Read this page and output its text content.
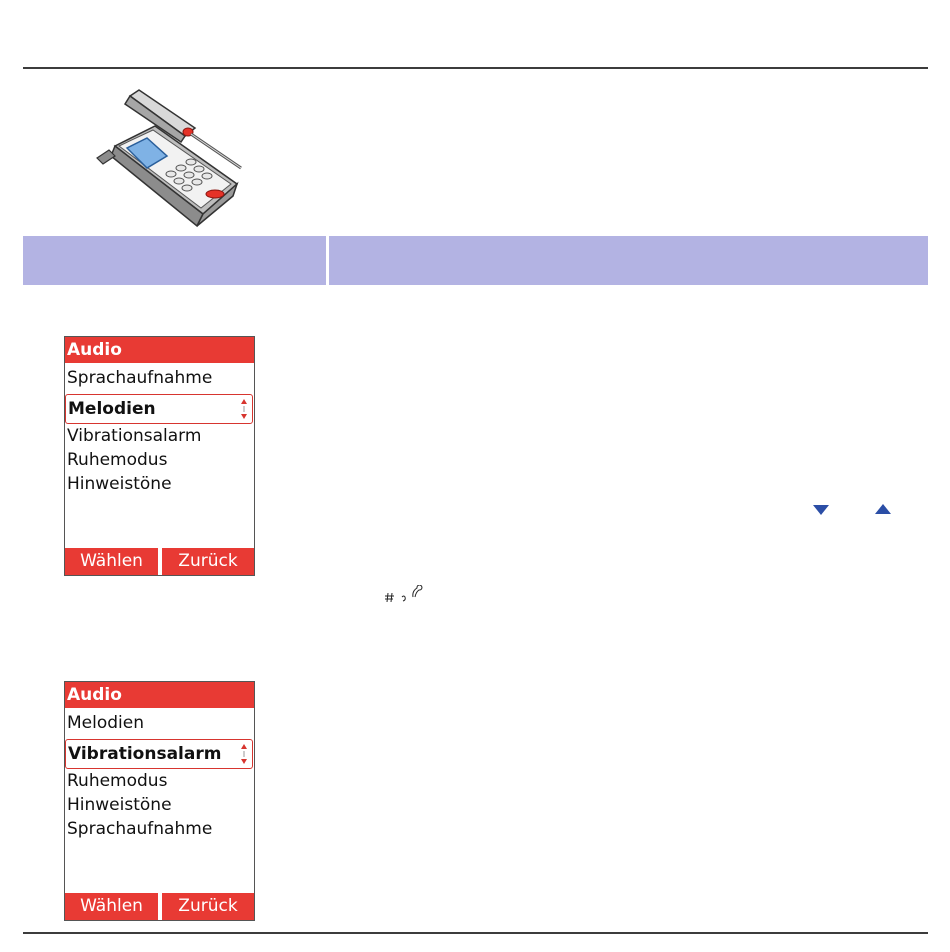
Audio
Sprachaufnahme
Melodien
Vibrationsalarm
Ruhemodus
Hinweistöne
Wählen	Zurück
Audio
Melodien
Vibrationsalarm
Ruhemodus
Hinweistöne
Sprachaufnahme
Wählen	Zurück
